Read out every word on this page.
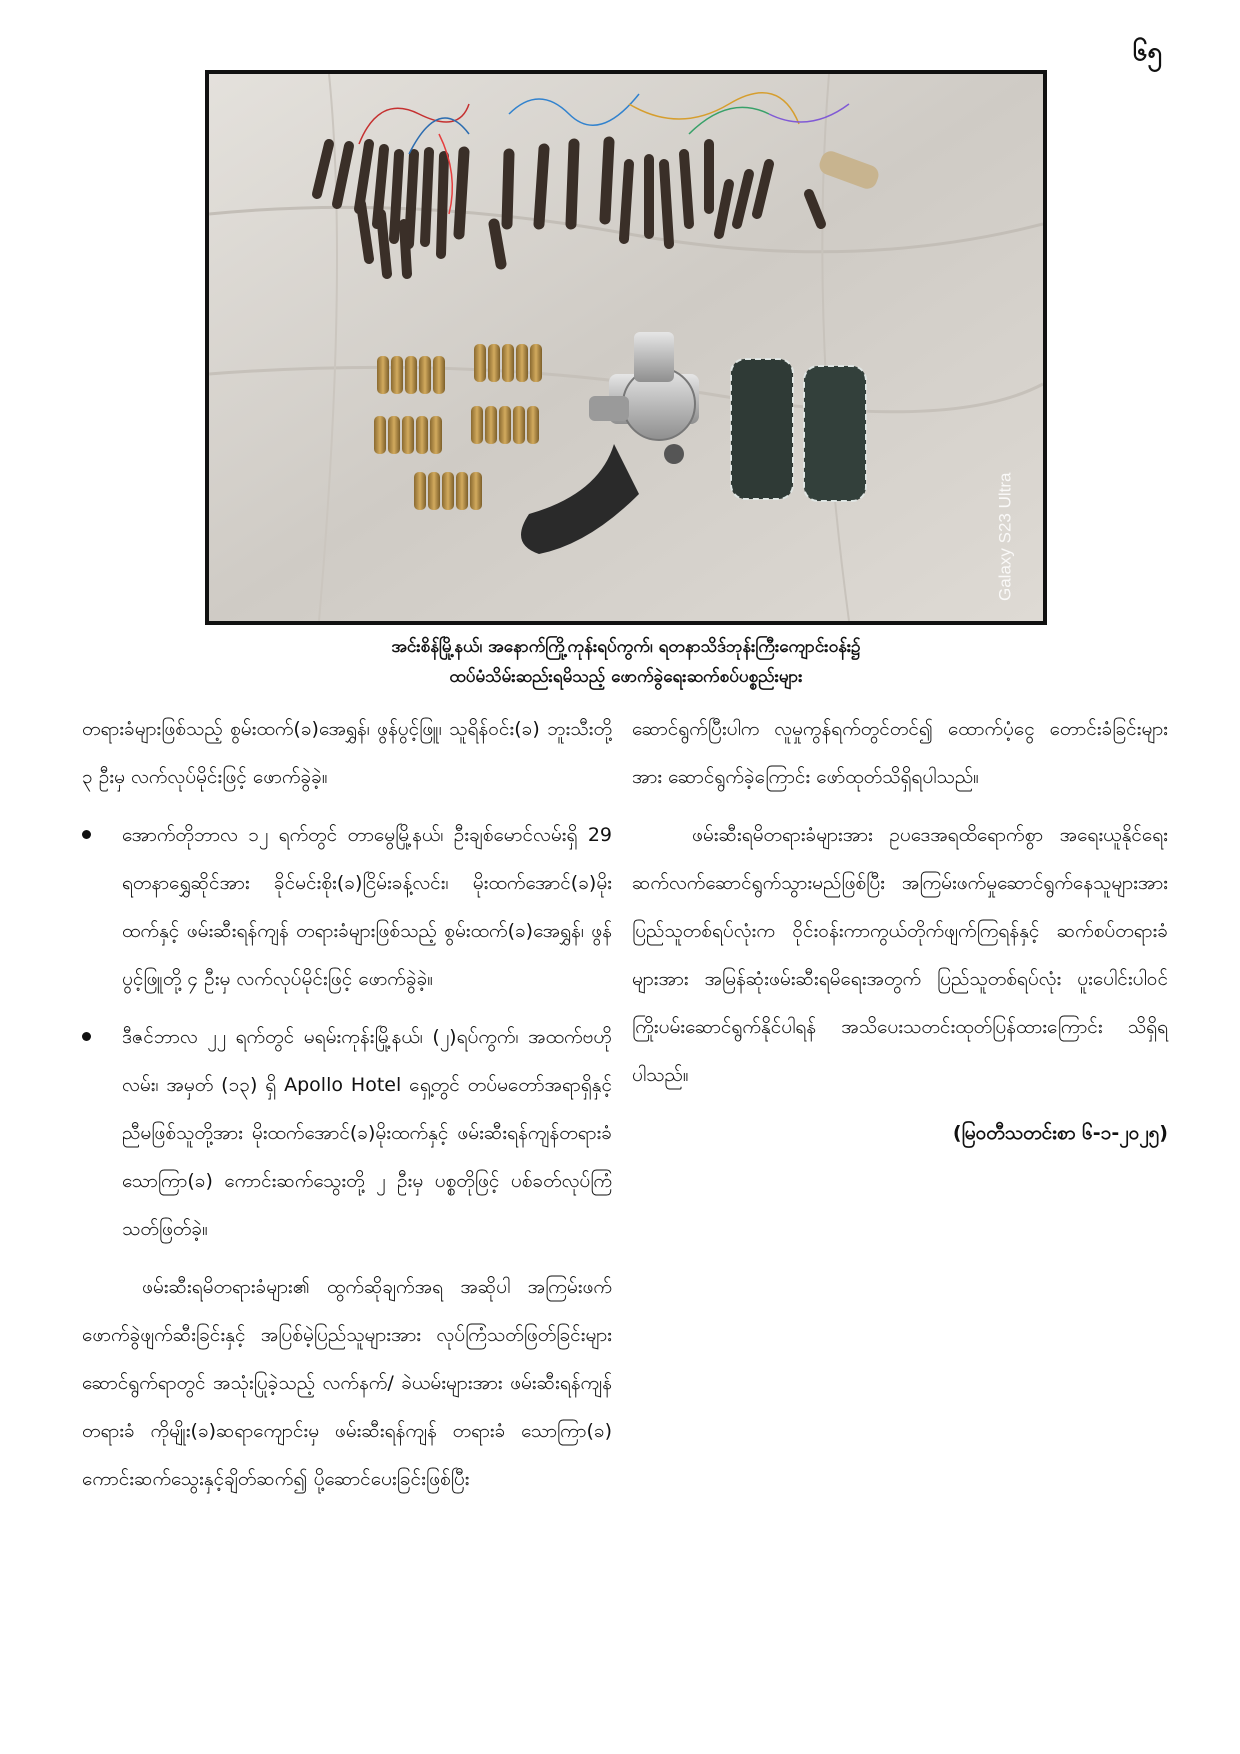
၆၅
Galaxy S23 Ultra
အင်းစိန်မြို့နယ်၊ အနောက်ကြို့ကုန်းရပ်ကွက်၊ ရတနာသိဒ်ဘုန်းကြီးကျောင်းဝန်း၌
ထပ်မံသိမ်းဆည်းရမိသည့် ဖောက်ခွဲရေးဆက်စပ်ပစ္စည်းများ

တရားခံများဖြစ်သည့် စွမ်းထက်(ခ)အေရွှန်၊ ဖွန်ပွင့်ဖြူ၊ သူရိန်ဝင်း(ခ) ဘူးသီးတို့ ၃ ဦးမှ လက်လုပ်မိုင်းဖြင့် ဖောက်ခွဲခဲ့။

အောက်တိုဘာလ ၁၂ ရက်တွင် တာမွေမြို့နယ်၊ ဦးချစ်မောင်လမ်းရှိ 29 ရတနာရွှေဆိုင်အား ခိုင်မင်းစိုး(ခ)ငြိမ်းခန့်လင်း၊ မိုးထက်အောင်(ခ)မိုးထက်နှင့် ဖမ်းဆီးရန်ကျန် တရားခံများဖြစ်သည့် စွမ်းထက်(ခ)အေရွှန်၊ ဖွန်ပွင့်ဖြူတို့ ၄ ဦးမှ လက်လုပ်မိုင်းဖြင့် ဖောက်ခွဲခဲ့။
ဒီဇင်ဘာလ ၂၂ ရက်တွင် မရမ်းကုန်းမြို့နယ်၊ (၂)ရပ်ကွက်၊ အထက်ဗဟိုလမ်း၊ အမှတ် (၁၃) ရှိ Apollo Hotel ရှေ့တွင် တပ်မတော်အရာရှိနှင့် ညီမဖြစ်သူတို့အား မိုးထက်အောင်(ခ)မိုးထက်နှင့် ဖမ်းဆီးရန်ကျန်တရားခံ သောကြာ(ခ) ကောင်းဆက်သွေးတို့ ၂ ဦးမှ ပစ္စတိုဖြင့် ပစ်ခတ်လုပ်ကြံသတ်ဖြတ်ခဲ့။

ဖမ်းဆီးရမိတရားခံများ၏ ထွက်ဆိုချက်အရ အဆိုပါ အကြမ်းဖက်ဖောက်ခွဲဖျက်ဆီးခြင်းနှင့် အပြစ်မဲ့ပြည်သူများအား လုပ်ကြံသတ်ဖြတ်ခြင်းများ ဆောင်ရွက်ရာတွင် အသုံးပြုခဲ့သည့် လက်နက်/ ခဲယမ်းများအား ဖမ်းဆီးရန်ကျန် တရားခံ ကိုမျိုး(ခ)ဆရာကျောင်းမှ ဖမ်းဆီးရန်ကျန် တရားခံ သောကြာ(ခ) ကောင်းဆက်သွေးနှင့်ချိတ်ဆက်၍ ပို့ဆောင်ပေးခြင်းဖြစ်ပြီး

ဆောင်ရွက်ပြီးပါက လူမှုကွန်ရက်တွင်တင်၍ ထောက်ပံ့ငွေ တောင်းခံခြင်းများအား ဆောင်ရွက်ခဲ့ကြောင်း ဖော်ထုတ်သိရှိရပါသည်။

ဖမ်းဆီးရမိတရားခံများအား ဥပဒေအရထိရောက်စွာ အရေးယူနိုင်ရေး ဆက်လက်ဆောင်ရွက်သွားမည်ဖြစ်ပြီး အကြမ်းဖက်မှုဆောင်ရွက်နေသူများအား ပြည်သူတစ်ရပ်လုံးက ဝိုင်းဝန်းကာကွယ်တိုက်ဖျက်ကြရန်နှင့် ဆက်စပ်တရားခံများအား အမြန်ဆုံးဖမ်းဆီးရမိရေးအတွက် ပြည်သူတစ်ရပ်လုံး ပူးပေါင်းပါဝင်ကြိုးပမ်းဆောင်ရွက်နိုင်ပါရန် အသိပေးသတင်းထုတ်ပြန်ထားကြောင်း သိရှိရပါသည်။

(မြဝတီသတင်းစာ ၆-၁-၂၀၂၅)
